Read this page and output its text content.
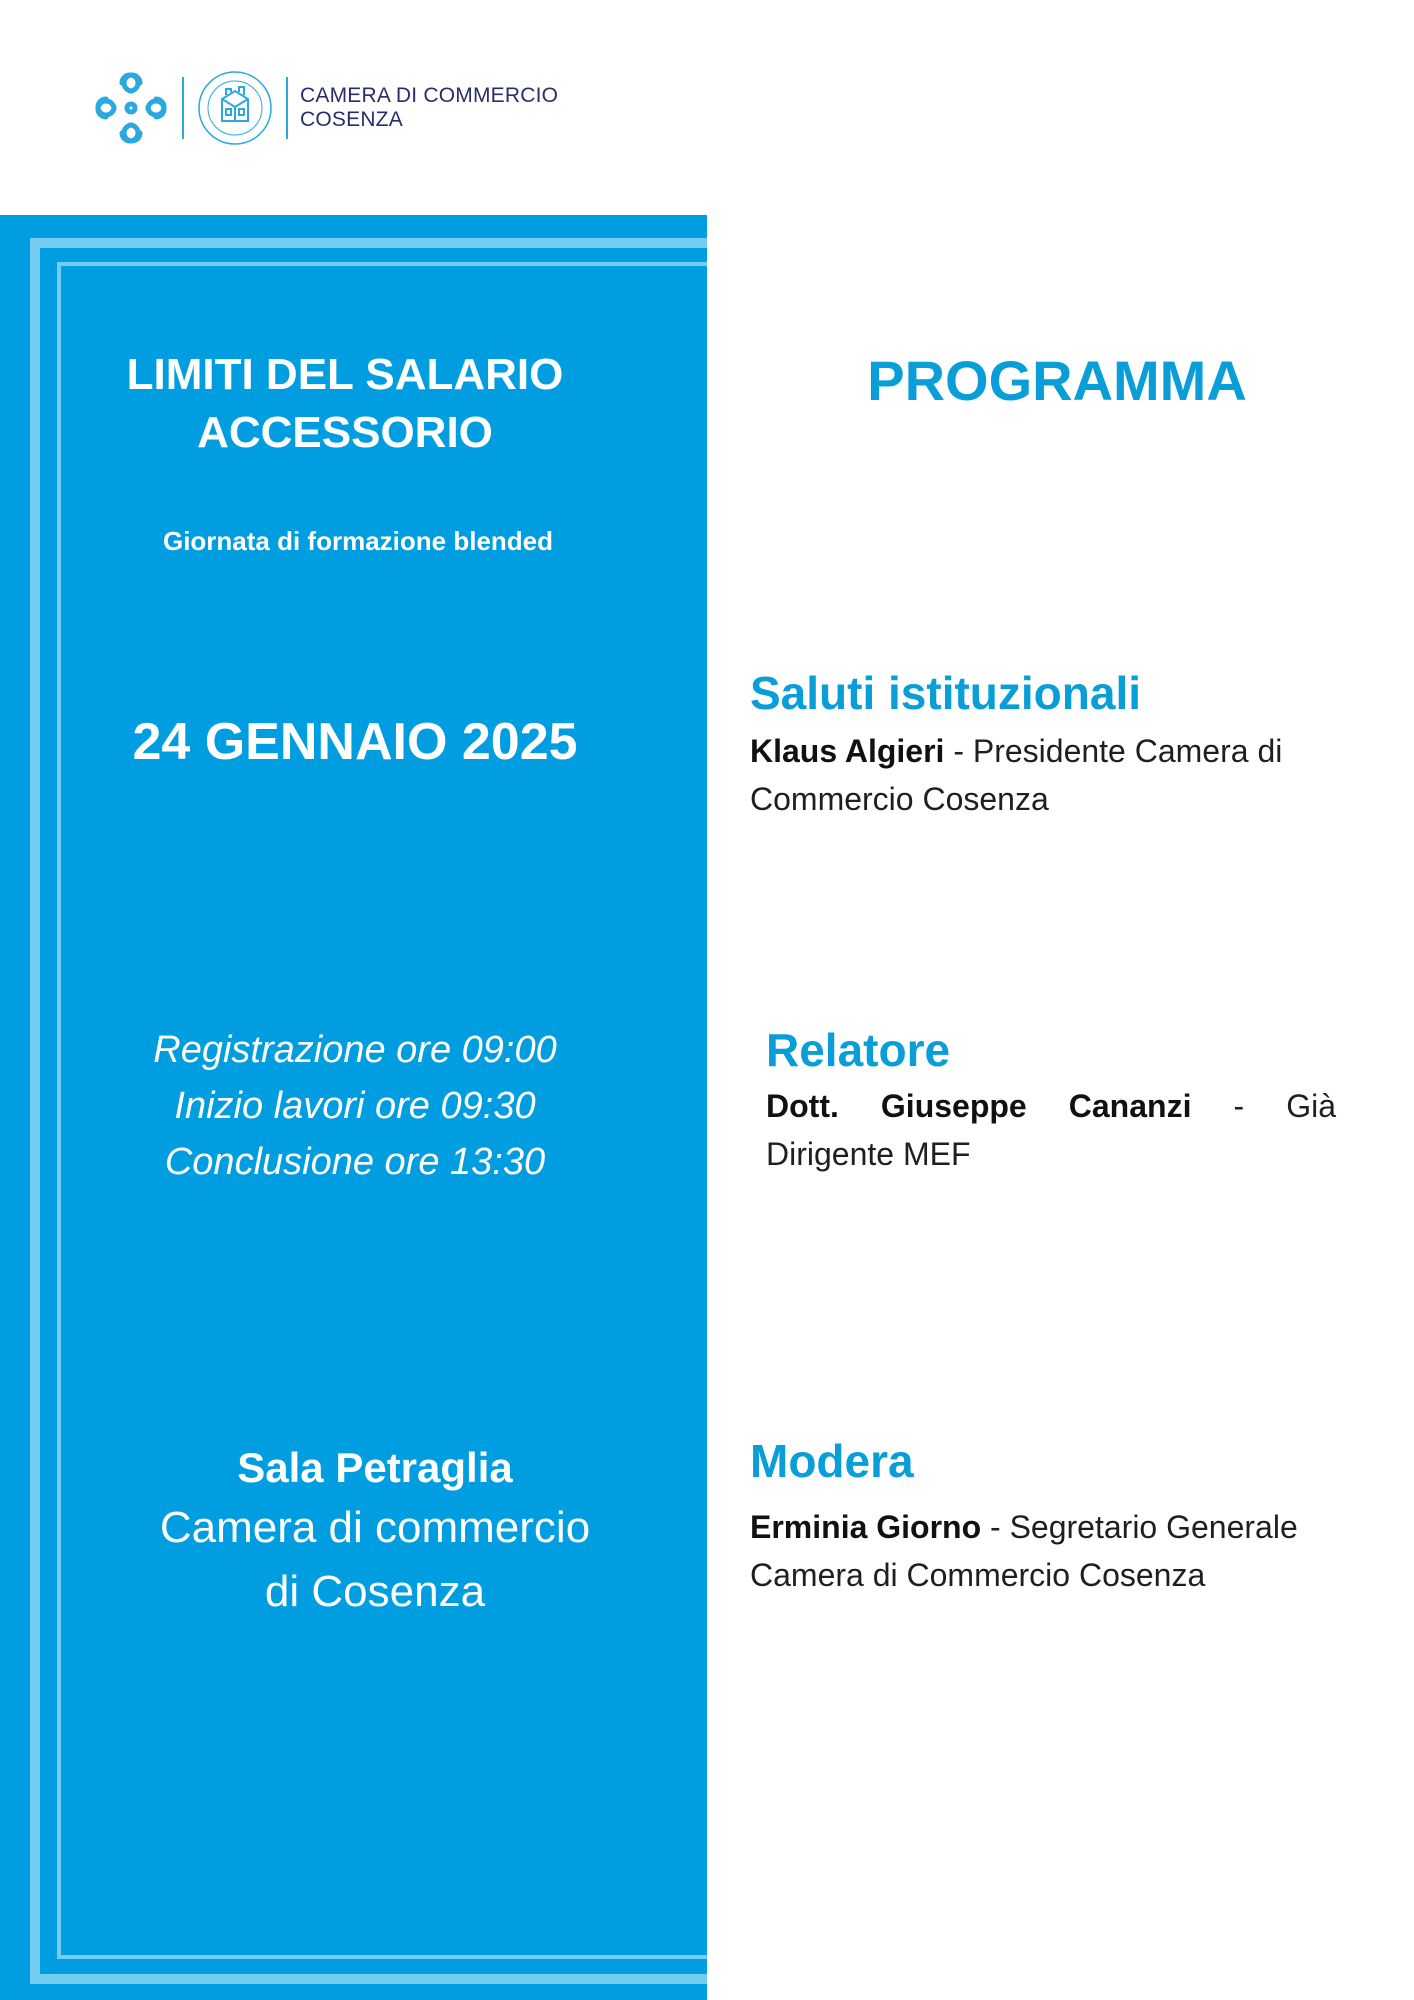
CAMERA DI COMMERCIO
COSENZA
LIMITI DEL SALARIO
ACCESSORIO
Giornata di formazione blended
24 GENNAIO 2025
Registrazione ore 09:00
Inizio lavori ore 09:30
Conclusione ore 13:30
Sala Petraglia
Camera di commercio
di Cosenza
PROGRAMMA
Saluti istituzionali
Klaus Algieri - Presidente Camera di Commercio Cosenza
Relatore
Dott. Giuseppe Cananzi - Già Dirigente MEF
Modera
Erminia Giorno - Segretario Generale Camera di Commercio Cosenza
